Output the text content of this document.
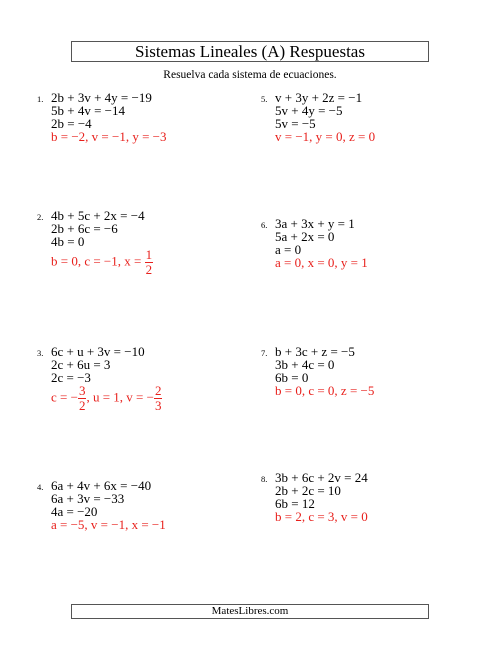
Sistemas Lineales (A) Respuestas
Resuelva cada sistema de ecuaciones.
1. 2b + 3v + 4y = −19
5b + 4v = −14
2b = −4
b = −2, v = −1, y = −3
2. 4b + 5c + 2x = −4
2b + 6c = −6
4b = 0
b = 0, c = −1, $x = \frac{1}{2}$
3. 6c + u + 3v = −10
2c + 6u = 3
2c = −3
c = − $\frac{3}{2}$ , u = 1, v = − $\frac{2}{3}$
4. 6a + 4v + 6x = −40
6a + 3v = −33
4a = −20
a = −5, v = −1, x = −1
5. v + 3y + 2z = −1
5v + 4y = −5
5v = −5
v = −1, y = 0, z = 0
6. 3a + 3x + y = 1
5a + 2x = 0
a = 0
a = 0, x = 0, y = 1
7. b + 3c + z = −5
3b + 4c = 0
6b = 0
b = 0, c = 0, z = −5
8. 3b + 6c + 2v = 24
2b + 2c = 10
6b = 12
b = 2, c = 3, v = 0
MatesLibres.com
